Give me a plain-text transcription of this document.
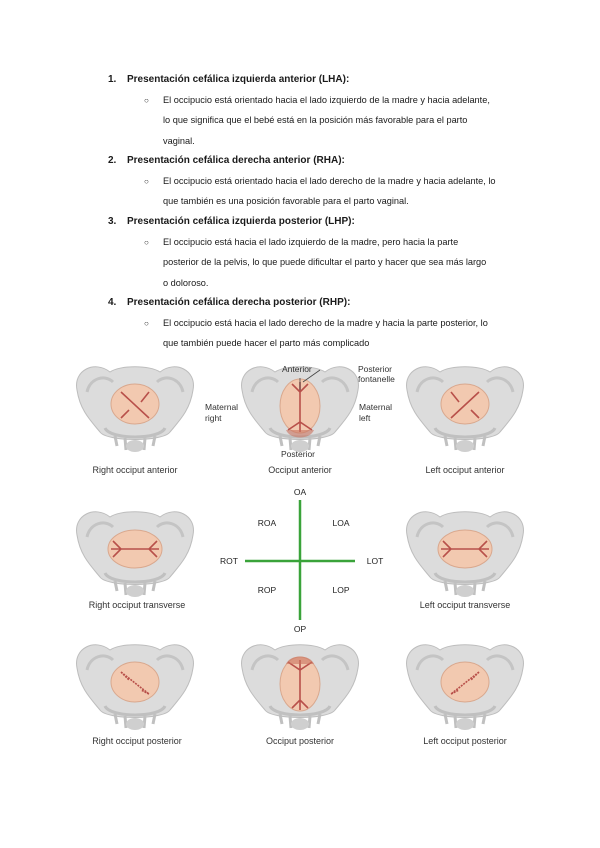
1. Presentación cefálica izquierda anterior (LHA):
○ El occipucio está orientado hacia el lado izquierdo de la madre y hacia adelante,
lo que significa que el bebé está en la posición más favorable para el parto
vaginal.
2. Presentación cefálica derecha anterior (RHA):
○ El occipucio está orientado hacia el lado derecho de la madre y hacia adelante, lo
que también es una posición favorable para el parto vaginal.
3. Presentación cefálica izquierda posterior (LHP):
○ El occipucio está hacia el lado izquierdo de la madre, pero hacia la parte
posterior de la pelvis, lo que puede dificultar el parto y hacer que sea más largo
o doloroso.
4. Presentación cefálica derecha posterior (RHP):
○ El occipucio está hacia el lado derecho de la madre y hacia la parte posterior, lo
que también puede hacer el parto más complicado
Anterior	Posterior
fontanelle
Maternal
right
Maternal
left
Posterior
Right occiput anterior	Occiput anterior	Left occiput anterior
Right occiput transverse	Left occiput transverse
Right occiput posterior	Occiput posterior	Left occiput posterior
OA
OP
ROT	LOT
ROA	LOA
ROP	LOP
